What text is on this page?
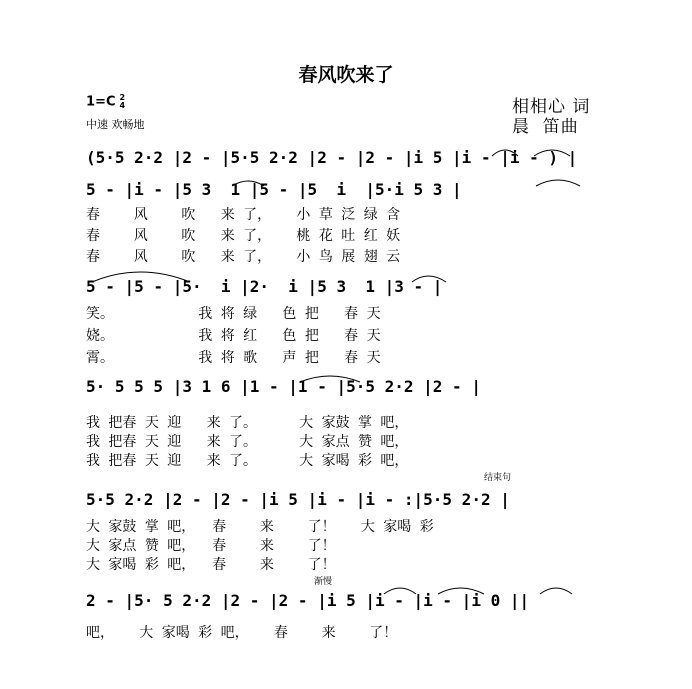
春风吹来了
1=C 2
4
中速 欢畅地
相相心 词
晨  笛曲
(5·5 2·2 |2 - |5·5 2·2 |2 - |2 - |i 5 |i - |i - ) |
5 - |i - |5 3  1 |5 - |5  i  |5·i 5 3 |
春    风    吹   来 了，   小 草 泛 绿 含
春    风    吹   来 了，   桃 花 吐 红 妖
春    风    吹   来 了，   小 鸟 展 翅 云
5 - |5 - |5·  i |2·  i |5 3  1 |3 - |
笑。          我 将 绿   色 把   春 天
娆。          我 将 红   色 把   春 天
霄。          我 将 歌   声 把   春 天
5· 5 5 5 |3 1 6 |1 - |1 - |5·5 2·2 |2 - |
我 把春 天 迎   来 了。     大 家鼓 掌 吧，
我 把春 天 迎   来 了。     大 家点 赞 吧，
我 把春 天 迎   来 了。     大 家喝 彩 吧，
结束句
5·5 2·2 |2 - |2 - |i 5 |i - |i - :|5·5 2·2 |
大 家鼓 掌 吧，  春    来    了！   大 家喝 彩
大 家点 赞 吧，  春    来    了！
大 家喝 彩 吧，  春    来    了！
渐慢
2 - |5· 5 2·2 |2 - |2 - |i 5 |i - |i - |i 0 ||
吧，   大 家喝 彩 吧，   春    来    了！
